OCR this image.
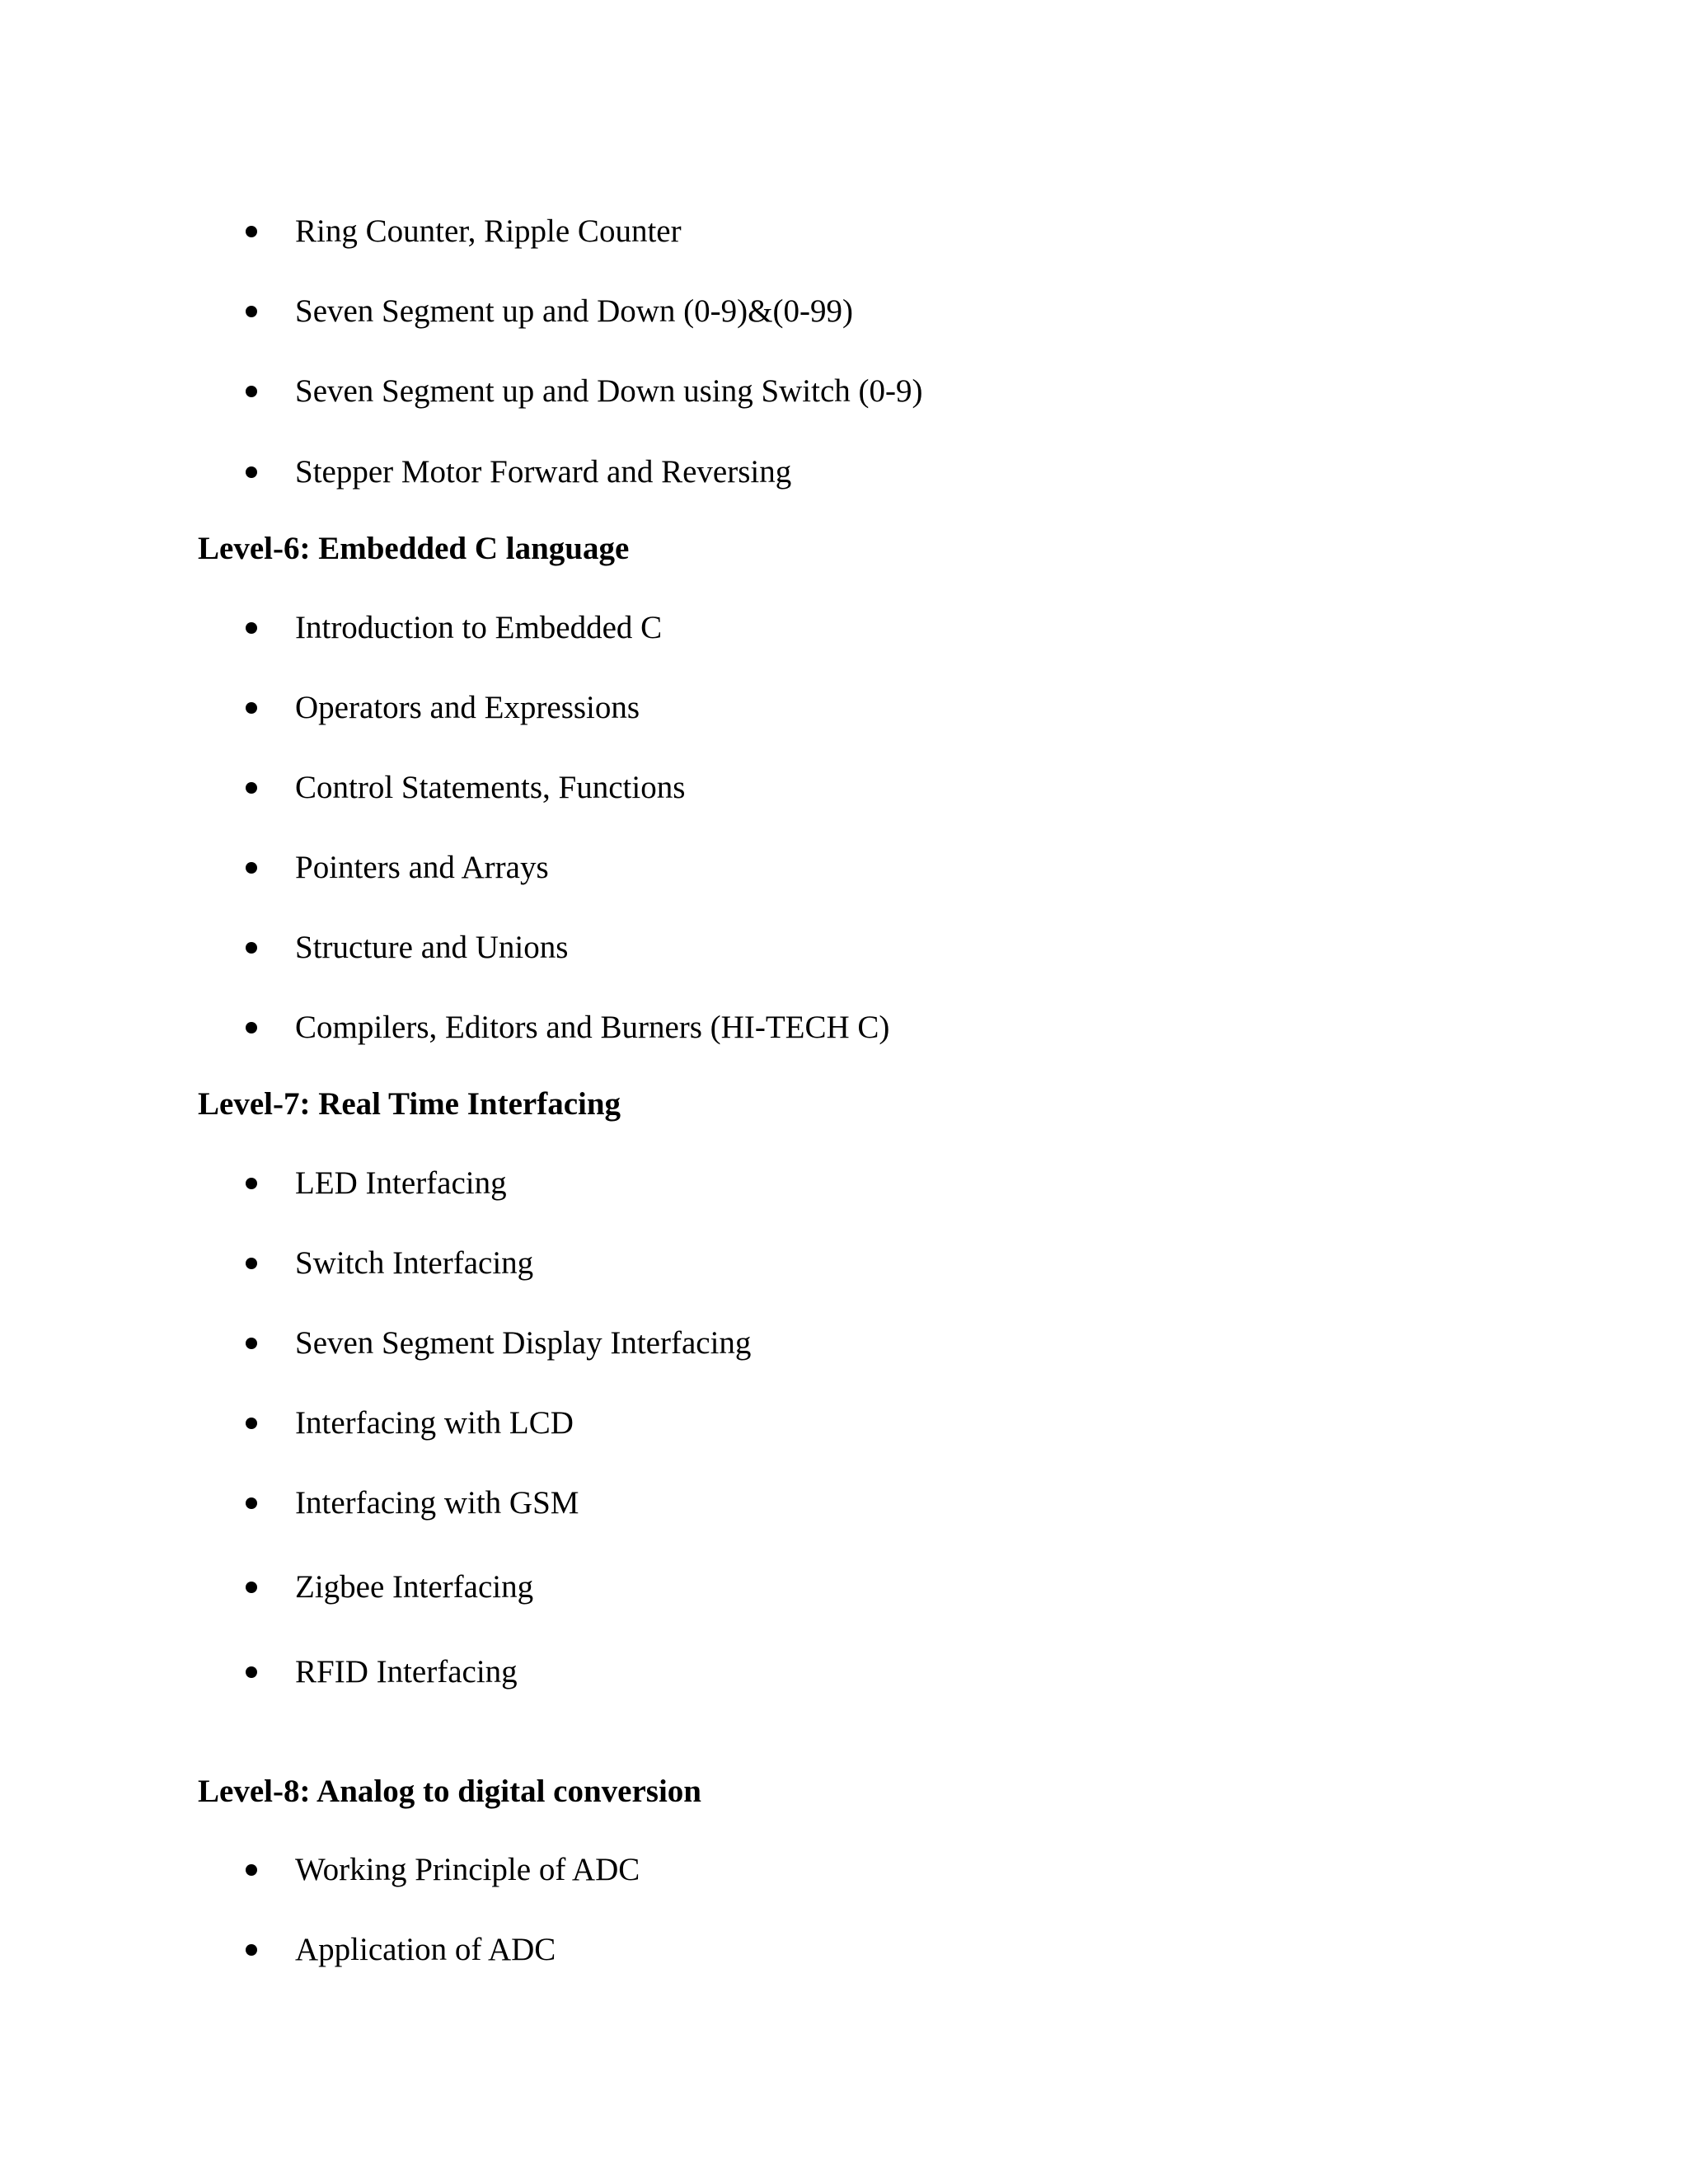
Ring Counter, Ripple Counter
Seven Segment up and Down (0-9)&(0-99)
Seven Segment up and Down using Switch (0-9)
Stepper Motor Forward and Reversing
Level-6: Embedded C language
Introduction to Embedded C
Operators and Expressions
Control Statements, Functions
Pointers and Arrays
Structure and Unions
Compilers, Editors and Burners (HI-TECH C)
Level-7: Real Time Interfacing
LED Interfacing
Switch Interfacing
Seven Segment Display Interfacing
Interfacing with LCD
Interfacing with GSM
Zigbee Interfacing
RFID Interfacing
Level-8: Analog to digital conversion
Working Principle of ADC
Application of ADC
